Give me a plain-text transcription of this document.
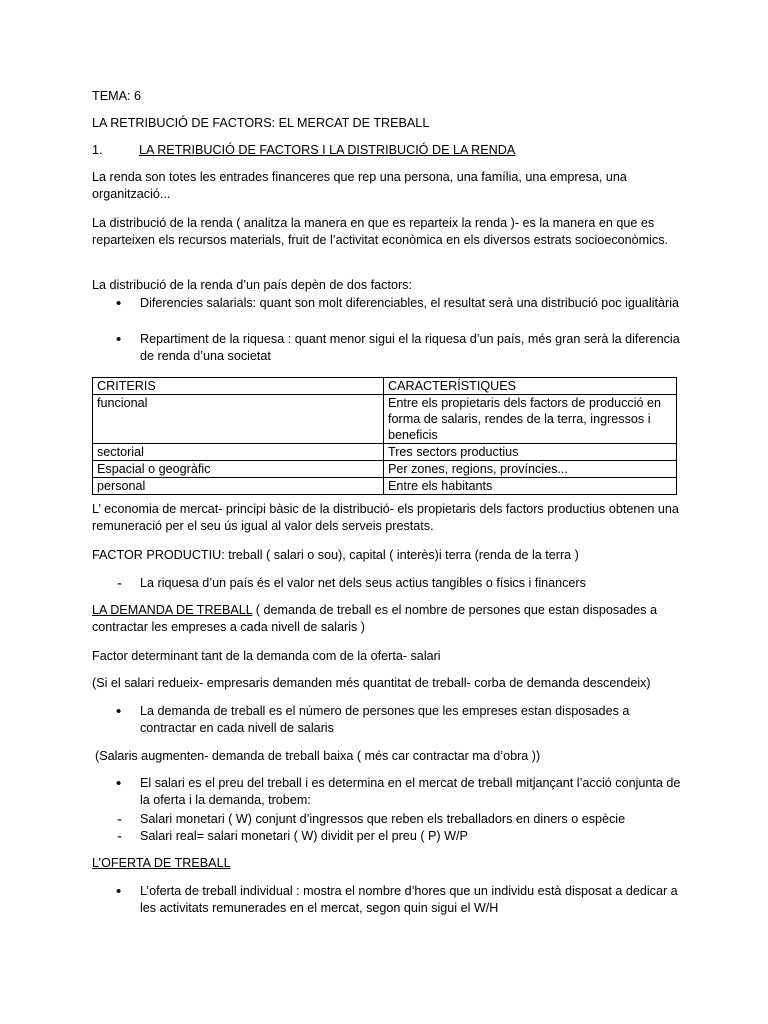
TEMA: 6

LA RETRIBUCIÓ DE FACTORS: EL MERCAT DE TREBALL

1.	LA RETRIBUCIÓ DE FACTORS I LA DISTRIBUCIÓ DE LA RENDA

La renda son totes les entrades financeres que rep una persona, una família, una empresa, una organització...

La distribució de la renda ( analitza la manera en que es reparteix la renda )- es la manera en que es reparteixen els recursos materials, fruit de l’activitat econòmica en els diversos estrats socioeconòmics.

La distribució de la renda d’un país depèn de dos factors:

• Diferencies salarials: quant son molt diferenciables, el resultat serà una distribució poc igualitària
• Repartiment de la riquesa : quant menor sigui el la riquesa d’un país, més gran serà la diferencia de renda d’una societat
CRITERIS	CARACTERÍSTIQUES
funcional	Entre els propietaris dels factors de producció en forma de salaris, rendes de la terra, ingressos i beneficis
sectorial	Tres sectors productius
Espacial o geogràfic	Per zones, regions, províncies...
personal	Entre els habitants

L’ economia de mercat- principi bàsic de la distribució- els propietaris dels factors productius obtenen una remuneració per el seu ús igual al valor dels serveis prestats.

FACTOR PRODUCTIU: treball ( salari o sou), capital ( interès)i terra (renda de la terra )

- La riquesa d’un país és el valor net dels seus actius tangibles o físics i financers

LA DEMANDA DE TREBALL ( demanda de treball es el nombre de persones que estan disposades a contractar les empreses a cada nivell de salaris )

Factor determinant tant de la demanda com de la oferta- salari

(Si el salari redueix- empresaris demanden més quantitat de treball- corba de demanda descendeix)

• La demanda de treball es el número de persones que les empreses estan disposades a contractar en cada nivell de salaris

(Salaris augmenten- demanda de treball baixa ( més car contractar ma d’obra ))

• El salari es el preu del treball i es determina en el mercat de treball mitjançant l’acció conjunta de la oferta i la demanda, trobem:
- Salari monetari ( W) conjunt d’ingressos que reben els treballadors en diners o espècie
- Salari real= salari monetari ( W) dividit per el preu ( P) W/P

L’OFERTA DE TREBALL

• L’oferta de treball individual : mostra el nombre d’hores que un individu està disposat a dedicar a les activitats remunerades en el mercat, segon quin sigui el W/H
